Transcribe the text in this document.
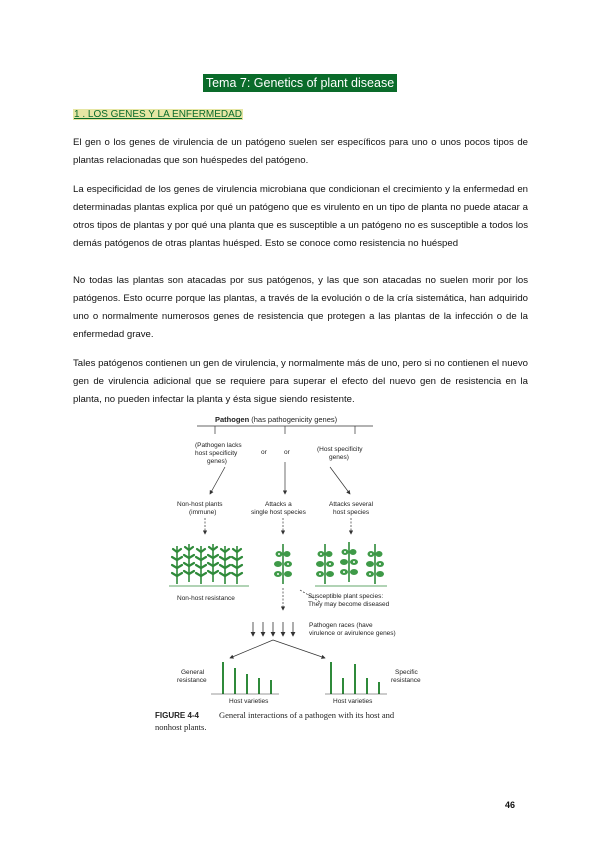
Tema 7: Genetics of plant disease
1 . LOS GENES Y LA ENFERMEDAD

El gen o los genes de virulencia de un patógeno suelen ser específicos para uno o unos pocos tipos de plantas relacionadas que son huéspedes del patógeno.

La especificidad de los genes de virulencia microbiana que condicionan el crecimiento y la enfermedad en determinadas plantas explica por qué un patógeno que es virulento en un tipo de planta no puede atacar a otros tipos de plantas y por qué una planta que es susceptible a un patógeno no es susceptible a todos los demás patógenos de otras plantas huésped. Esto se conoce como resistencia no huésped

No todas las plantas son atacadas por sus patógenos, y las que son atacadas no suelen morir por los patógenos. Esto ocurre porque las plantas, a través de la evolución o de la cría sistemática, han adquirido uno o normalmente numerosos genes de resistencia que protegen a las plantas de la infección o de la enfermedad grave.

Tales patógenos contienen un gen de virulencia, y normalmente más de uno, pero si no contienen el nuevo gen de virulencia adicional que se requiere para superar el efecto del nuevo gen de resistencia en la planta, no pueden infectar la planta y ésta sigue siendo resistente.

Pathogen (has pathogenicity genes)
(Pathogen lacks
host specificity
genes)
or	or	(Host specificity
genes)
Non-host plants
(immune)
Attacks a
single host species
Attacks several
host species
Non-host resistance	Susceptible plant species:
They may become diseased
Pathogen races (have
virulence or avirulence genes)
General
resistance
Specific
resistance
Host varieties	Host varieties
FIGURE 4-4 General interactions of a pathogen with its host and
nonhost plants.
46
